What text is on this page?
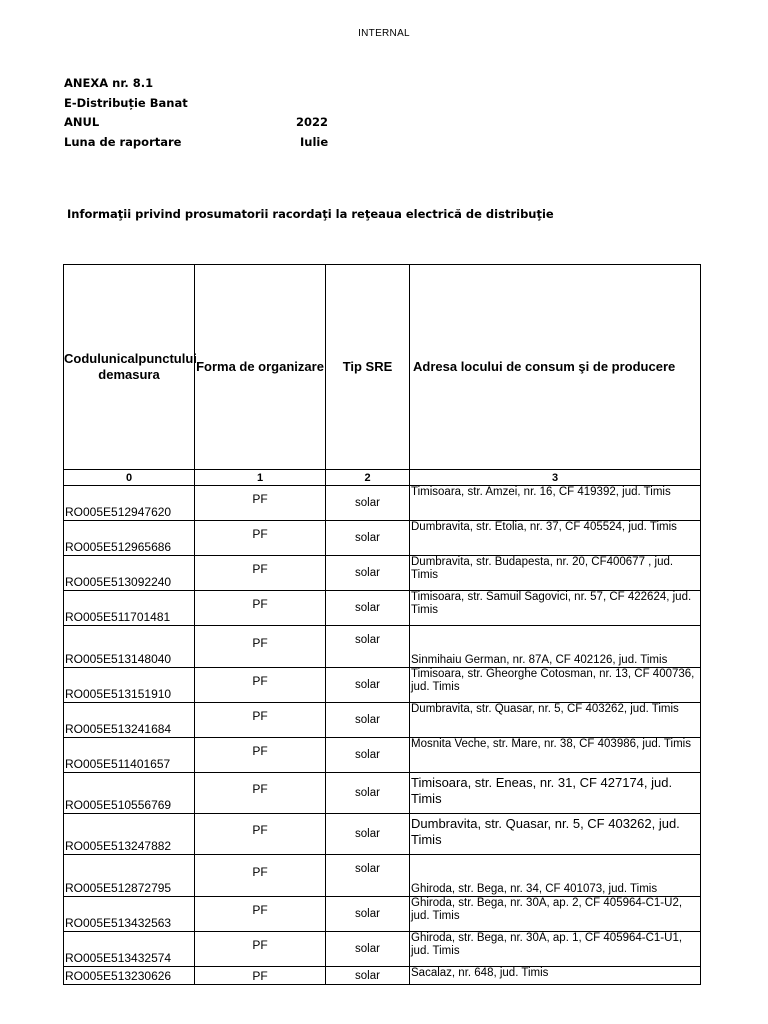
INTERNAL
ANEXA nr. 8.1
E-Distribuție Banat
ANUL	2022
Luna de raportare	Iulie
Informaţii privind prosumatorii racordaţi la reţeaua electrică de distribuţie
Codulunicalpunctului demasura	Forma de organizare	Tip SRE	Adresa locului de consum şi de producere
0	1	2	3
RO005E512947620	PF	solar	Timisoara, str. Amzei, nr. 16, CF 419392, jud. Timis
RO005E512965686	PF	solar	Dumbravita, str. Etolia, nr. 37, CF 405524, jud. Timis
RO005E513092240	PF	solar	Dumbravita, str. Budapesta, nr. 20, CF400677 , jud. Timis
RO005E511701481	PF	solar	Timisoara, str. Samuil Sagovici, nr. 57, CF 422624, jud. Timis
RO005E513148040	PF	solar	Sinmihaiu German, nr. 87A, CF 402126, jud. Timis
RO005E513151910	PF	solar	Timisoara, str. Gheorghe Cotosman, nr. 13, CF 400736, jud. Timis
RO005E513241684	PF	solar	Dumbravita, str. Quasar, nr. 5, CF 403262, jud. Timis
RO005E511401657	PF	solar	Mosnita Veche, str. Mare, nr. 38, CF 403986, jud. Timis
RO005E510556769	PF	solar	Timisoara, str. Eneas, nr. 31, CF 427174, jud. Timis
RO005E513247882	PF	solar	Dumbravita, str. Quasar, nr. 5, CF 403262, jud. Timis
RO005E512872795	PF	solar	Ghiroda, str. Bega, nr. 34, CF 401073, jud. Timis
RO005E513432563	PF	solar	Ghiroda, str. Bega, nr. 30A, ap. 2, CF 405964-C1-U2, jud. Timis
RO005E513432574	PF	solar	Ghiroda, str. Bega, nr. 30A, ap. 1, CF 405964-C1-U1, jud. Timis
RO005E513230626	PF	solar	Sacalaz, nr. 648, jud. Timis
